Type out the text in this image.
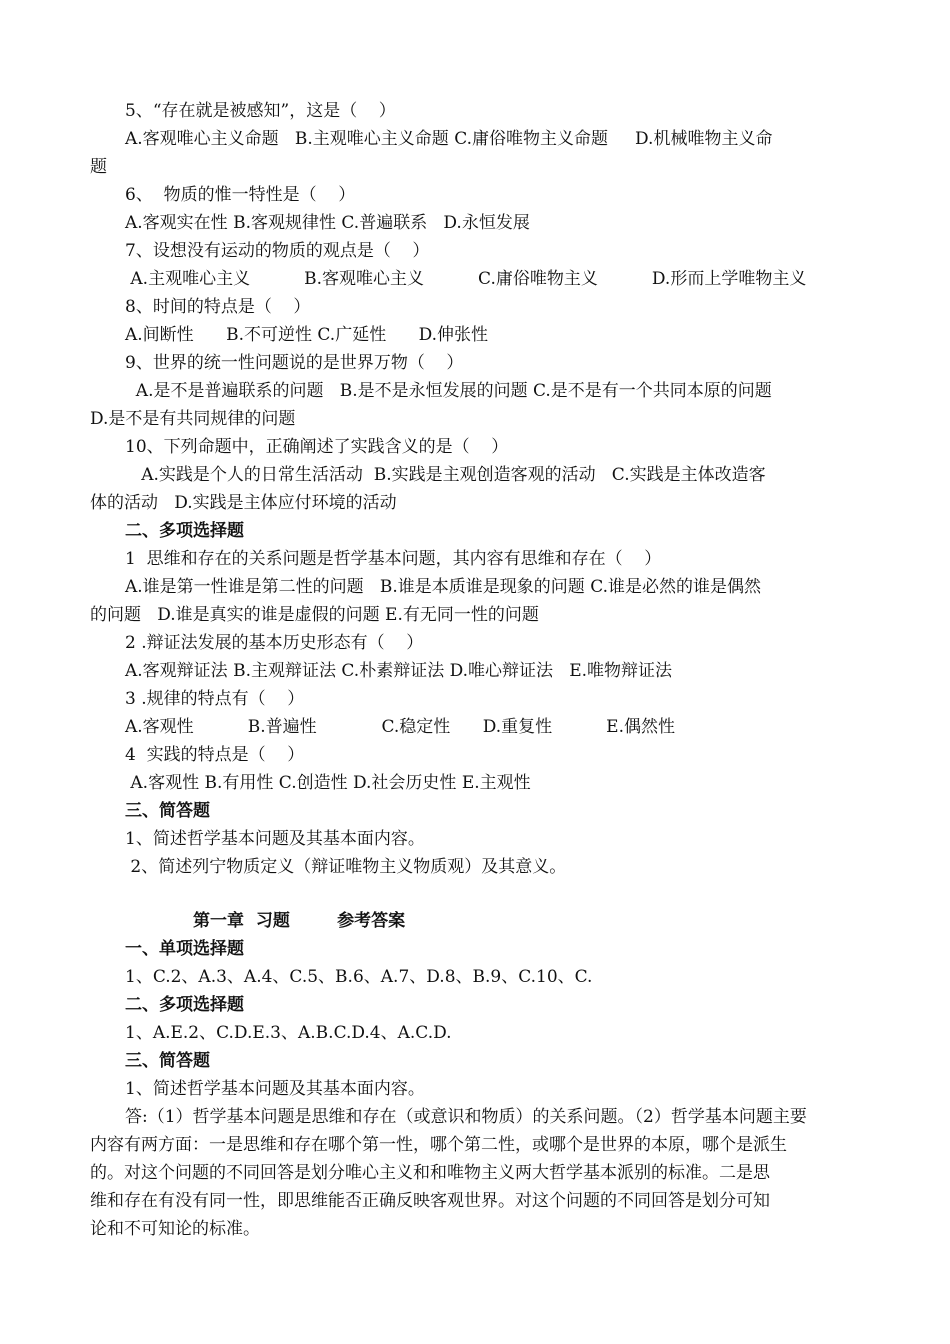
5、“存在就是被感知”，这是（    ）
A.客观唯心主义命题   B.主观唯心主义命题 C.庸俗唯物主义命题     D.机械唯物主义命
题
6、  物质的惟一特性是（    ）
A.客观实在性 B.客观规律性 C.普遍联系   D.永恒发展
7、设想没有运动的物质的观点是（    ）
A.主观唯心主义          B.客观唯心主义          C.庸俗唯物主义          D.形而上学唯物主义
8、时间的特点是（    ）
A.间断性      B.不可逆性 C.广延性      D.伸张性
9、世界的统一性问题说的是世界万物（    ）
A.是不是普遍联系的问题   B.是不是永恒发展的问题 C.是不是有一个共同本原的问题
D.是不是有共同规律的问题
10、下列命题中，正确阐述了实践含义的是（    ）
A.实践是个人的日常生活活动  B.实践是主观创造客观的活动   C.实践是主体改造客
体的活动   D.实践是主体应付环境的活动
二、多项选择题
1  思维和存在的关系问题是哲学基本问题，其内容有思维和存在（    ）
A.谁是第一性谁是第二性的问题   B.谁是本质谁是现象的问题 C.谁是必然的谁是偶然
的问题   D.谁是真实的谁是虚假的问题 E.有无同一性的问题
2 .辩证法发展的基本历史形态有（    ）
A.客观辩证法 B.主观辩证法 C.朴素辩证法 D.唯心辩证法   E.唯物辩证法
3 .规律的特点有（    ）
A.客观性          B.普遍性            C.稳定性      D.重复性          E.偶然性
4  实践的特点是（    ）
A.客观性 B.有用性 C.创造性 D.社会历史性 E.主观性
三、简答题
1、简述哲学基本问题及其基本面内容。
2、简述列宁物质定义（辩证唯物主义物质观）及其意义。
第一章  习题        参考答案
一、单项选择题
1、C.2、A.3、A.4、C.5、B.6、A.7、D.8、B.9、C.10、C.
二、多项选择题
1、A.E.2、C.D.E.3、A.B.C.D.4、A.C.D.
三、简答题
1、简述哲学基本问题及其基本面内容。
答:（1）哲学基本问题是思维和存在（或意识和物质）的关系问题。（2）哲学基本问题主要
内容有两方面：一是思维和存在哪个第一性，哪个第二性，或哪个是世界的本原，哪个是派生
的。对这个问题的不同回答是划分唯心主义和和唯物主义两大哲学基本派别的标准。二是思
维和存在有没有同一性，即思维能否正确反映客观世界。对这个问题的不同回答是划分可知
论和不可知论的标准。
